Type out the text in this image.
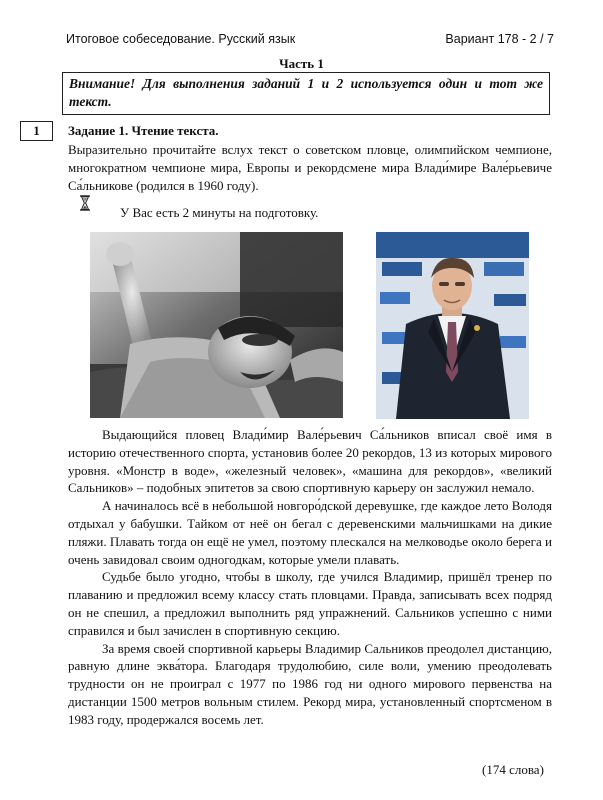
Итоговое собеседование. Русский язык	Вариант 178 - 2 / 7
Часть 1
Внимание! Для выполнения заданий 1 и 2 используется один и тот же текст.
1	Задание 1. Чтение текста.
Выразительно прочитайте вслух текст о советском пловце, олимпийском чемпионе, многократном чемпионе мира, Европы и рекордсмене мира Влади́мире Вале́рьевиче Са́льникове (родился в 1960 году).
У Вас есть 2 минуты на подготовку.

Выдающийся пловец Влади́мир Вале́рьевич Са́льников вписал своё имя в историю отечественного спорта, установив более 20 рекордов, 13 из которых мирового уровня. «Монстр в воде», «железный человек», «машина для рекордов», «великий Сальников» – подобных эпитетов за свою спортивную карьеру он заслужил немало.

А начиналось всё в небольшой новгоро́дской деревушке, где каждое лето Володя отдыхал у бабушки. Тайком от неё он бегал с деревенскими мальчишками на дикие пляжи. Плавать тогда он ещё не умел, поэтому плескался на мелководье около берега и очень завидовал своим одногодкам, которые умели плавать.

Судьбе было угодно, чтобы в школу, где учился Владимир, пришёл тренер по плаванию и предложил всему классу стать пловцами. Правда, записывать всех подряд он не спешил, а предложил выполнить ряд упражнений. Сальников успешно с ними справился и был зачислен в спортивную секцию.

За время своей спортивной карьеры Владимир Сальников преодолел дистанцию, равную длине эква́тора. Благодаря трудолюбию, силе воли, умению преодолевать трудности он не проиграл с 1977 по 1986 год ни одного мирового первенства на дистанции 1500 метров вольным стилем. Рекорд мира, установленный спортсменом в 1983 году, продержался восемь лет.

(174 слова)
